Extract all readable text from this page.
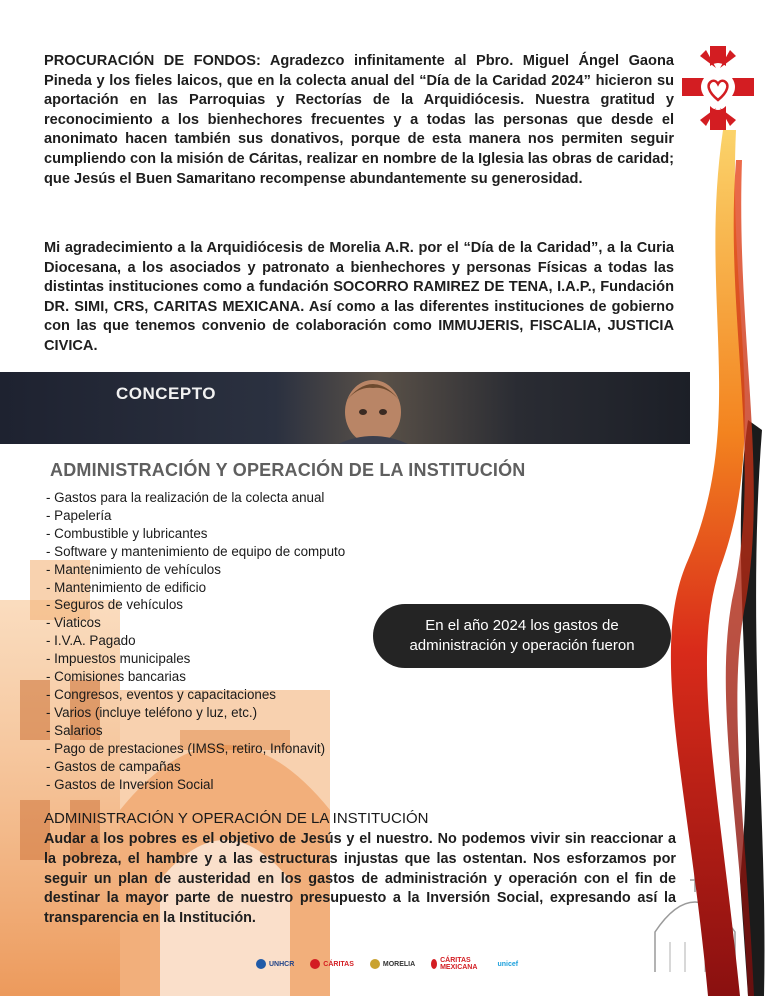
PROCURACIÓN DE FONDOS: Agradezco infinitamente al Pbro. Miguel Ángel Gaona Pineda y los fieles laicos, que en la colecta anual del “Día de la Caridad 2024” hicieron su aportación en las Parroquias y Rectorías de la Arquidiócesis. Nuestra gratitud y reconocimiento a los bienhechores frecuentes y a todas las personas que desde el anonimato hacen también sus donativos, porque de esta manera nos permiten seguir cumpliendo con la misión de Cáritas, realizar en nombre de la Iglesia las obras de caridad; que Jesús el Buen Samaritano recompense abundantemente su generosidad.

Mi agradecimiento a la Arquidiócesis de Morelia A.R. por el “Día de la Caridad”, a la Curia Diocesana, a los asociados y patronato a bienhechores y personas Físicas a todas las distintas instituciones como a fundación SOCORRO RAMIREZ DE TENA, I.A.P., Fundación DR. SIMI, CRS, CARITAS MEXICANA. Así como a las diferentes instituciones de gobierno con las que tenemos convenio de colaboración como IMMUJERIS, FISCALIA, JUSTICIA CIVICA.

CONCEPTO
ADMINISTRACIÓN Y OPERACIÓN DE LA INSTITUCIÓN
- Gastos para la realización de la colecta anual
- Papelería
- Combustible y lubricantes
- Software y mantenimiento de equipo de computo
- Mantenimiento de vehículos
- Mantenimiento de edificio
- Seguros de vehículos
- Viaticos
- I.V.A. Pagado
- Impuestos municipales
- Comisiones bancarias
- Congresos, eventos y capacitaciones
- Varios (incluye teléfono y luz, etc.)
- Salarios
- Pago de prestaciones (IMSS, retiro, Infonavit)
- Gastos de campañas
- Gastos de Inversion Social
En el año 2024 los gastos de
administración y operación fueron
ADMINISTRACIÓN Y OPERACIÓN DE LA INSTITUCIÓN

Audar a los pobres es el objetivo de Jesús y el nuestro. No podemos vivir sin reaccionar a la pobreza, el hambre y a las estructuras injustas que las ostentan. Nos esforzamos por seguir un plan de austeridad en los gastos de administración y operación con el fin de destinar la mayor parte de nuestro presupuesto a la Inversión Social, expresando así la transparencia en la Institución.

UNHCR	CÁRITAS	MORELIA	CÁRITAS MEXICANA	unicef
